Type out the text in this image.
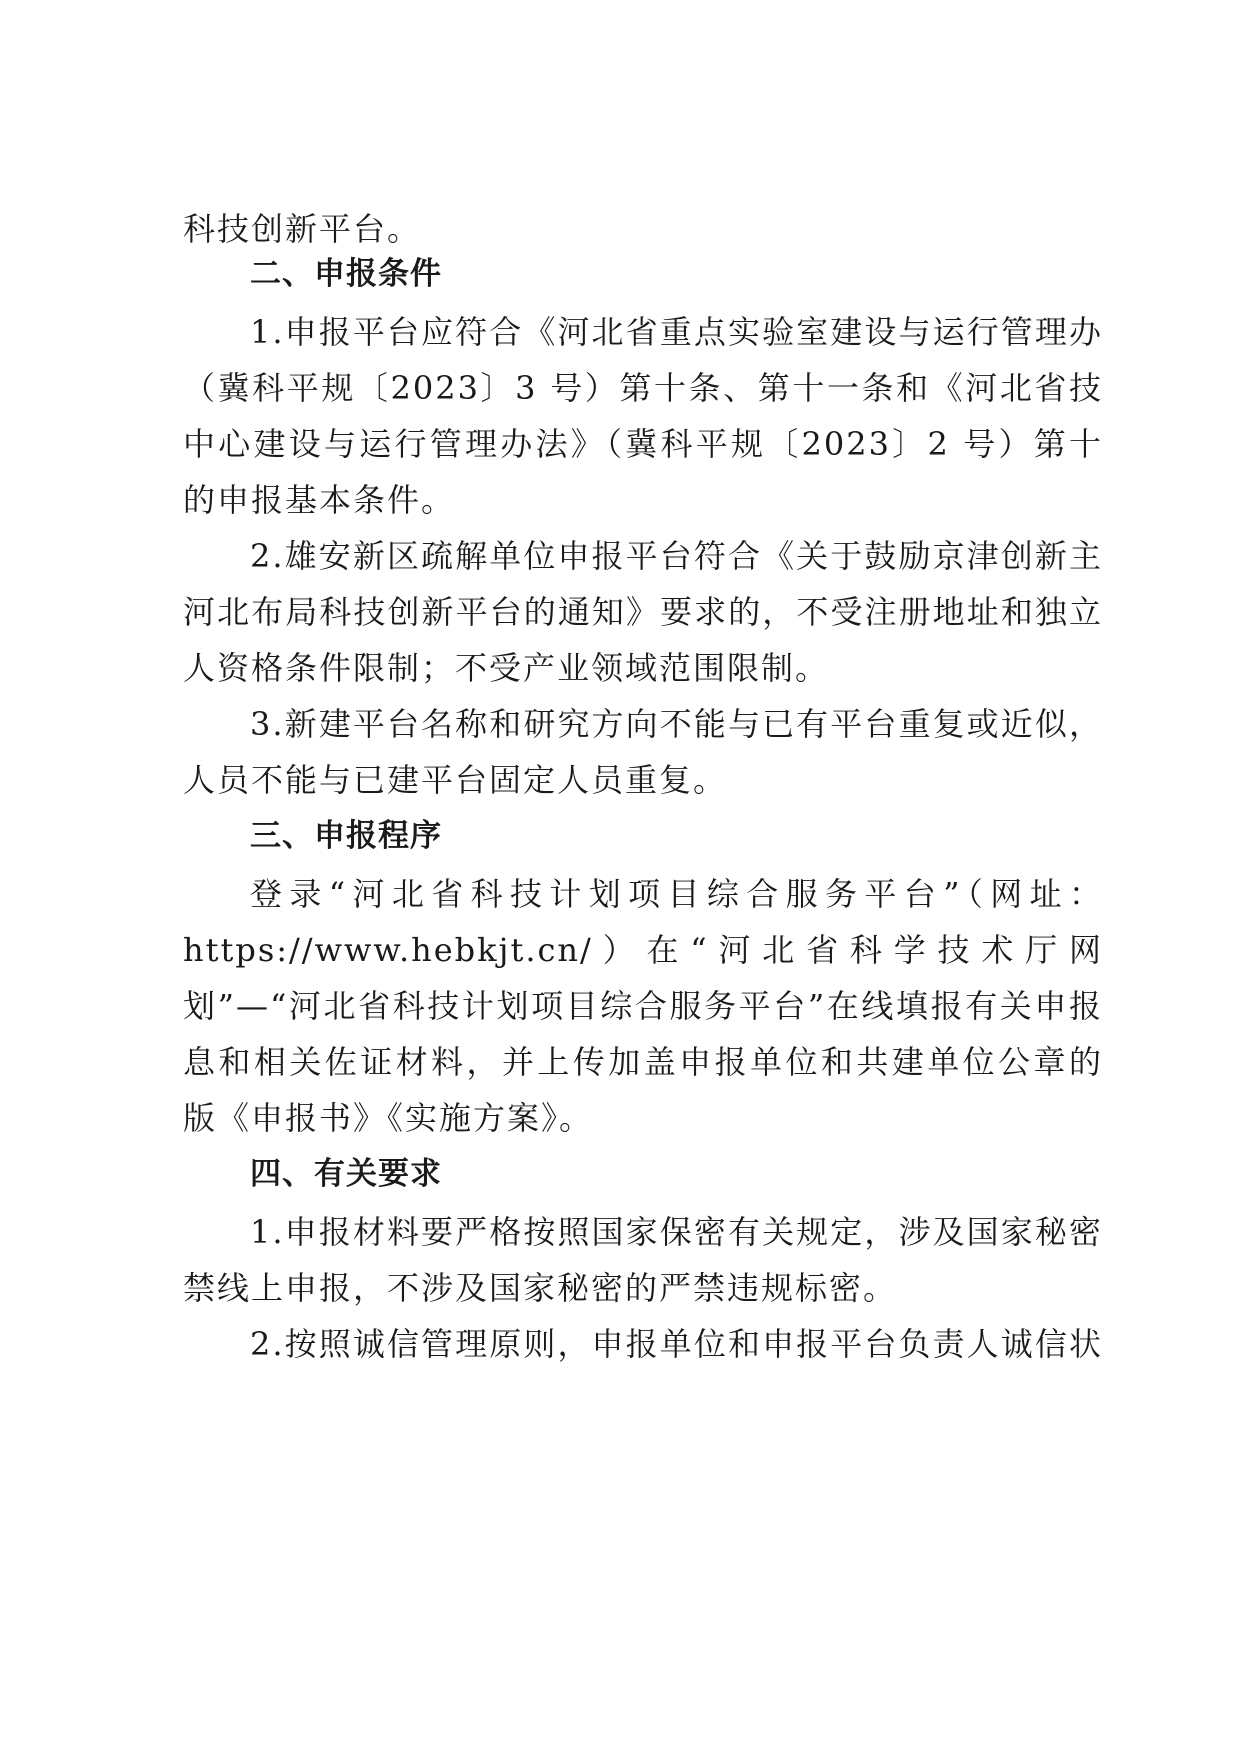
科技创新平台。
二、申报条件
1.申报平台应符合《河北省重点实验室建设与运行管理办
（冀科平规〔2023〕3 号）第十条、第十一条和《河北省技
中心建设与运行管理办法》（冀科平规〔2023〕2 号）第十
的申报基本条件。
2.雄安新区疏解单位申报平台符合《关于鼓励京津创新主
河北布局科技创新平台的通知》要求的，不受注册地址和独立
人资格条件限制；不受产业领域范围限制。
3.新建平台名称和研究方向不能与已有平台重复或近似，
人员不能与已建平台固定人员重复。
三、申报程序
登录“河北省科技计划项目综合服务平台”（网址：
https://www.hebkjt.cn/）在“河北省科学技术厅网
划”—“河北省科技计划项目综合服务平台”在线填报有关申报
息和相关佐证材料，并上传加盖申报单位和共建单位公章的
版《申报书》《实施方案》。
四、有关要求
1.申报材料要严格按照国家保密有关规定，涉及国家秘密
禁线上申报，不涉及国家秘密的严禁违规标密。
2.按照诚信管理原则，申报单位和申报平台负责人诚信状
